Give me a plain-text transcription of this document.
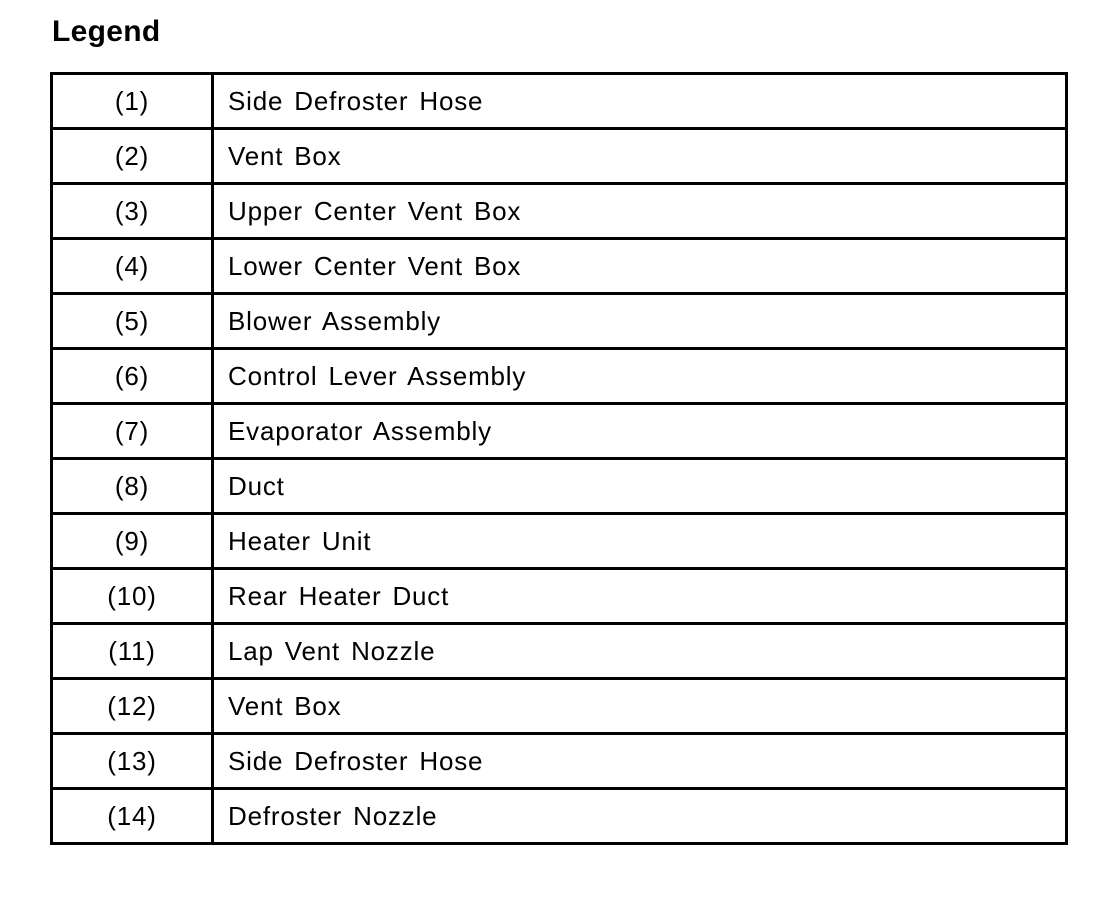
Legend
(1)	Side Defroster Hose
(2)	Vent Box
(3)	Upper Center Vent Box
(4)	Lower Center Vent Box
(5)	Blower Assembly
(6)	Control Lever Assembly
(7)	Evaporator Assembly
(8)	Duct
(9)	Heater Unit
(10)	Rear Heater Duct
(11)	Lap Vent Nozzle
(12)	Vent Box
(13)	Side Defroster Hose
(14)	Defroster Nozzle
